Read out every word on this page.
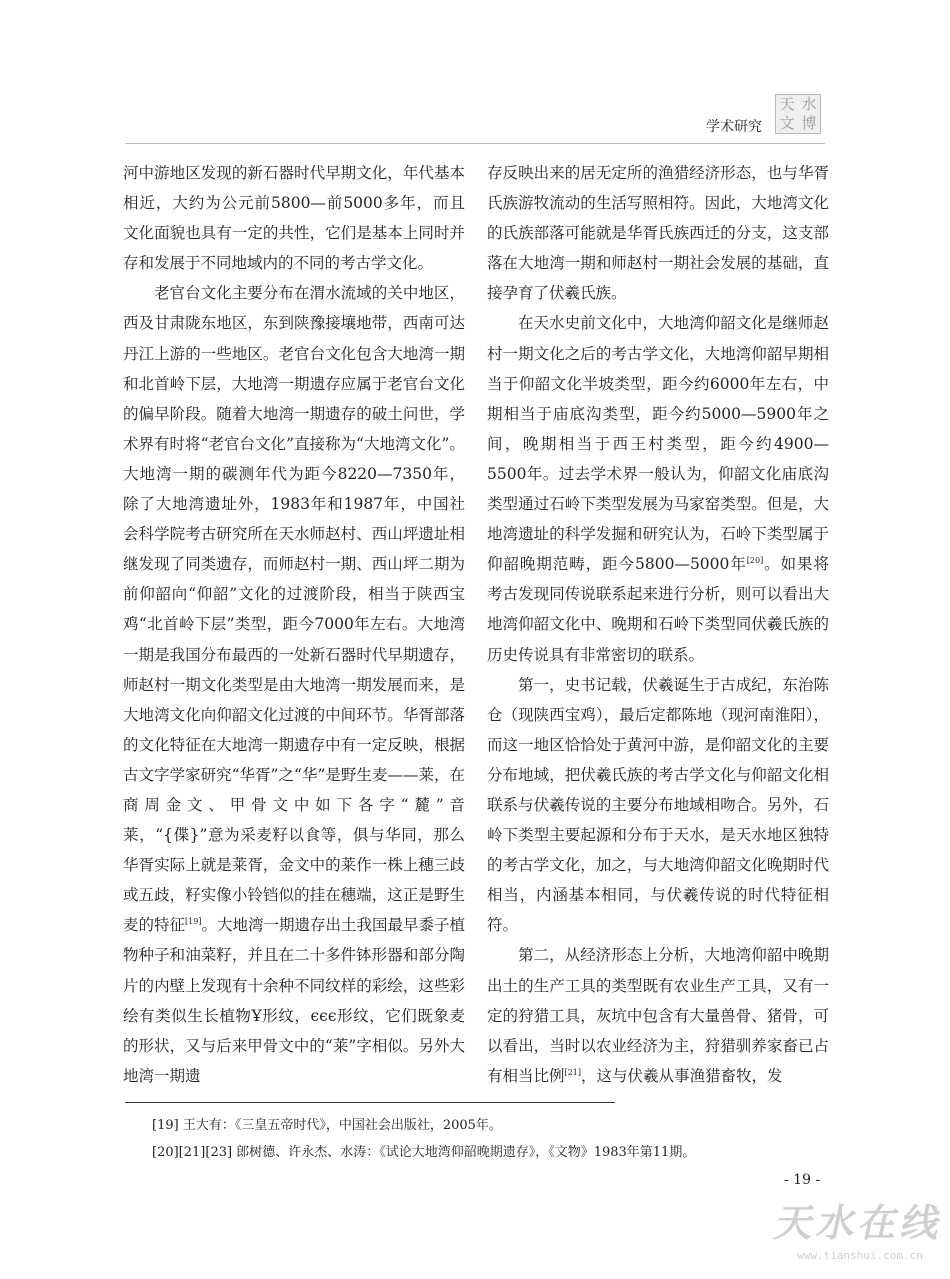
学术研究
天 水
文 博

河中游地区发现的新石器时代早期文化，年代基本相近，大约为公元前5800—前5000多年，而且文化面貌也具有一定的共性，它们是基本上同时并存和发展于不同地域内的不同的考古学文化。

老官台文化主要分布在渭水流域的关中地区，西及甘肃陇东地区，东到陕豫接壤地带，西南可达丹江上游的一些地区。老官台文化包含大地湾一期和北首岭下层，大地湾一期遗存应属于老官台文化的偏早阶段。随着大地湾一期遗存的破土问世，学术界有时将“老官台文化”直接称为“大地湾文化”。大地湾一期的碳测年代为距今8220—7350年，除了大地湾遗址外，1983年和1987年，中国社会科学院考古研究所在天水师赵村、西山坪遗址相继发现了同类遗存，而师赵村一期、西山坪二期为前仰韶向“仰韶”文化的过渡阶段，相当于陕西宝鸡“北首岭下层”类型，距今7000年左右。大地湾一期是我国分布最西的一处新石器时代早期遗存，师赵村一期文化类型是由大地湾一期发展而来，是大地湾文化向仰韶文化过渡的中间环节。华胥部落的文化特征在大地湾一期遗存中有一定反映，根据古文字学家研究“华胥”之“华”是野生麦——莱，在商周金文、甲骨文中如下各字“麓”音莱，“{偞}”意为采麦籽以食等，俱与华同，那么华胥实际上就是莱胥，金文中的莱作一株上穗三歧或五歧，籽实像小铃铛似的挂在穗端，这正是野生麦的特征[19]。大地湾一期遗存出土我国最早黍子植物种子和油菜籽，并且在二十多件钵形器和部分陶片的内壁上发现有十余种不同纹样的彩绘，这些彩绘有类似生长植物Ұ形纹，ϵϵϵ形纹，它们既象麦的形状，又与后来甲骨文中的“莱”字相似。另外大地湾一期遗

存反映出来的居无定所的渔猎经济形态，也与华胥氏族游牧流动的生活写照相符。因此，大地湾文化的氏族部落可能就是华胥氏族西迁的分支，这支部落在大地湾一期和师赵村一期社会发展的基础，直接孕育了伏羲氏族。

在天水史前文化中，大地湾仰韶文化是继师赵村一期文化之后的考古学文化，大地湾仰韶早期相当于仰韶文化半坡类型，距今约6000年左右，中期相当于庙底沟类型，距今约5000—5900年之间，晚期相当于西王村类型，距今约4900—5500年。过去学术界一般认为，仰韶文化庙底沟类型通过石岭下类型发展为马家窑类型。但是，大地湾遗址的科学发掘和研究认为，石岭下类型属于仰韶晚期范畴，距今5800—5000年[20]。如果将考古发现同传说联系起来进行分析，则可以看出大地湾仰韶文化中、晚期和石岭下类型同伏羲氏族的历史传说具有非常密切的联系。

第一，史书记载，伏羲诞生于古成纪，东治陈仓（现陕西宝鸡），最后定都陈地（现河南淮阳），而这一地区恰恰处于黄河中游，是仰韶文化的主要分布地域，把伏羲氏族的考古学文化与仰韶文化相联系与伏羲传说的主要分布地域相吻合。另外，石岭下类型主要起源和分布于天水，是天水地区独特的考古学文化，加之，与大地湾仰韶文化晚期时代相当，内涵基本相同，与伏羲传说的时代特征相符。

第二，从经济形态上分析，大地湾仰韶中晚期出土的生产工具的类型既有农业生产工具，又有一定的狩猎工具，灰坑中包含有大量兽骨、猪骨，可以看出，当时以农业经济为主，狩猎驯养家畜已占有相当比例[21]，这与伏羲从事渔猎畜牧，发

[19] 王大有：《三皇五帝时代》，中国社会出版社，2005年。
[20][21][23] 郎树德、许永杰、水涛：《试论大地湾仰韶晚期遗存》，《文物》1983年第11期。
- 19 -
天水在线
www.tianshui.com.cn
